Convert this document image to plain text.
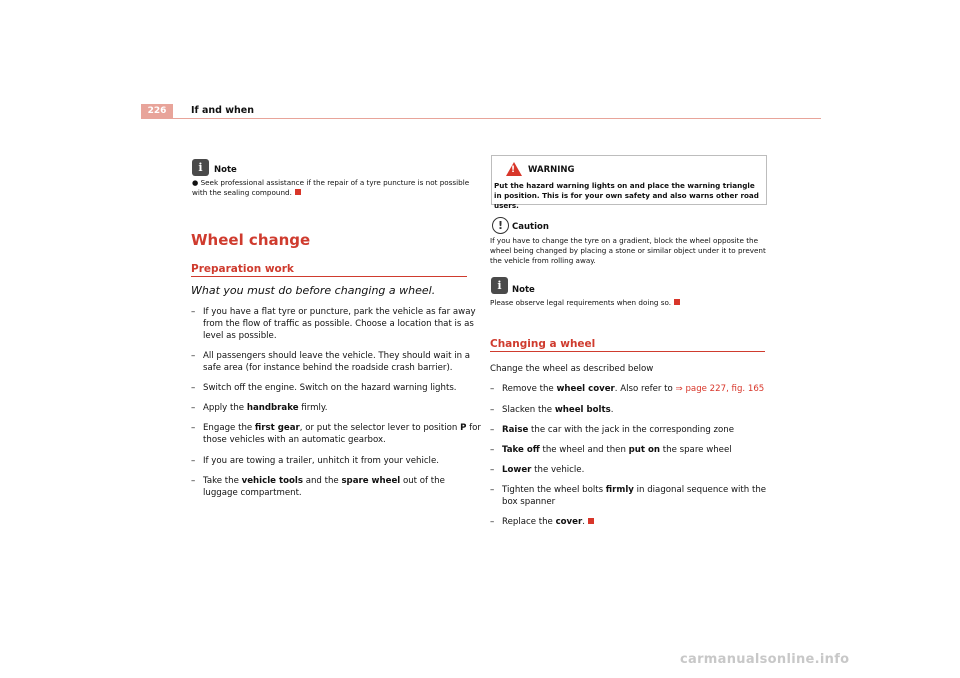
226	If and when
i	Note
● Seek professional assistance if the repair of a tyre puncture is not possible with the sealing compound.
Wheel change
Preparation work
What you must do before changing a wheel.
– If you have a flat tyre or puncture, park the vehicle as far away from the flow of traffic as possible. Choose a location that is as level as possible.
– All passengers should leave the vehicle. They should wait in a safe area (for instance behind the roadside crash barrier).
– Switch off the engine. Switch on the hazard warning lights.
– Apply the handbrake firmly.
– Engage the first gear, or put the selector lever to position P for those vehicles with an automatic gearbox.
– If you are towing a trailer, unhitch it from your vehicle.
– Take the vehicle tools and the spare wheel out of the luggage compartment.
! WARNING
Put the hazard warning lights on and place the warning triangle in position. This is for your own safety and also warns other road users.
!	Caution
If you have to change the tyre on a gradient, block the wheel opposite the wheel being changed by placing a stone or similar object under it to prevent the vehicle from rolling away.
i	Note
Please observe legal requirements when doing so.
Changing a wheel
Change the wheel as described below
– Remove the wheel cover. Also refer to ⇒ page 227, fig. 165
– Slacken the wheel bolts.
– Raise the car with the jack in the corresponding zone
– Take off the wheel and then put on the spare wheel
– Lower the vehicle.
– Tighten the wheel bolts firmly in diagonal sequence with the box spanner
– Replace the cover.
carmanualsonline.info
